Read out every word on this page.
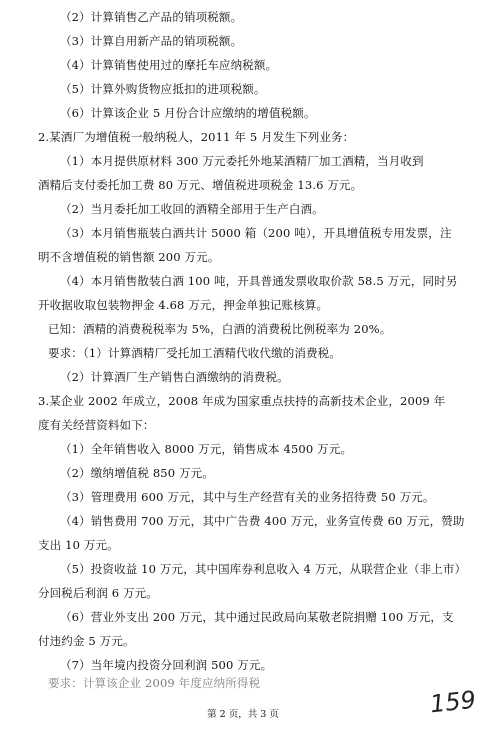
（2）计算销售乙产品的销项税额。
（3）计算自用新产品的销项税额。
（4）计算销售使用过的摩托车应纳税额。
（5）计算外购货物应抵扣的进项税额。
（6）计算该企业 5 月份合计应缴纳的增值税额。
2.某酒厂为增值税一般纳税人，2011 年 5 月发生下列业务：
（1）本月提供原材料 300 万元委托外地某酒精厂加工酒精，当月收到
酒精后支付委托加工费 80 万元、增值税进项税金 13.6 万元。
（2）当月委托加工收回的酒精全部用于生产白酒。
（3）本月销售瓶装白酒共计 5000 箱（200 吨），开具增值税专用发票，注
明不含增值税的销售额 200 万元。
（4）本月销售散装白酒 100 吨，开具普通发票收取价款 58.5 万元，同时另
开收据收取包装物押金 4.68 万元，押金单独记账核算。
已知：酒精的消费税税率为 5%，白酒的消费税比例税率为 20%。
要求：（1）计算酒精厂受托加工酒精代收代缴的消费税。
（2）计算酒厂生产销售白酒缴纳的消费税。
3.某企业 2002 年成立，2008 年成为国家重点扶持的高新技术企业，2009 年
度有关经营资料如下：
（1）全年销售收入 8000 万元，销售成本 4500 万元。
（2）缴纳增值税 850 万元。
（3）管理费用 600 万元，其中与生产经营有关的业务招待费 50 万元。
（4）销售费用 700 万元，其中广告费 400 万元，业务宣传费 60 万元，赞助
支出 10 万元。
（5）投资收益 10 万元，其中国库券利息收入 4 万元，从联营企业（非上市）
分回税后利润 6 万元。
（6）营业外支出 200 万元，其中通过民政局向某敬老院捐赠 100 万元，支
付违约金 5 万元。
（7）当年境内投资分回利润 500 万元。
要求：计算该企业 2009 年度应纳所得税
第 2 页，共 3 页	159
